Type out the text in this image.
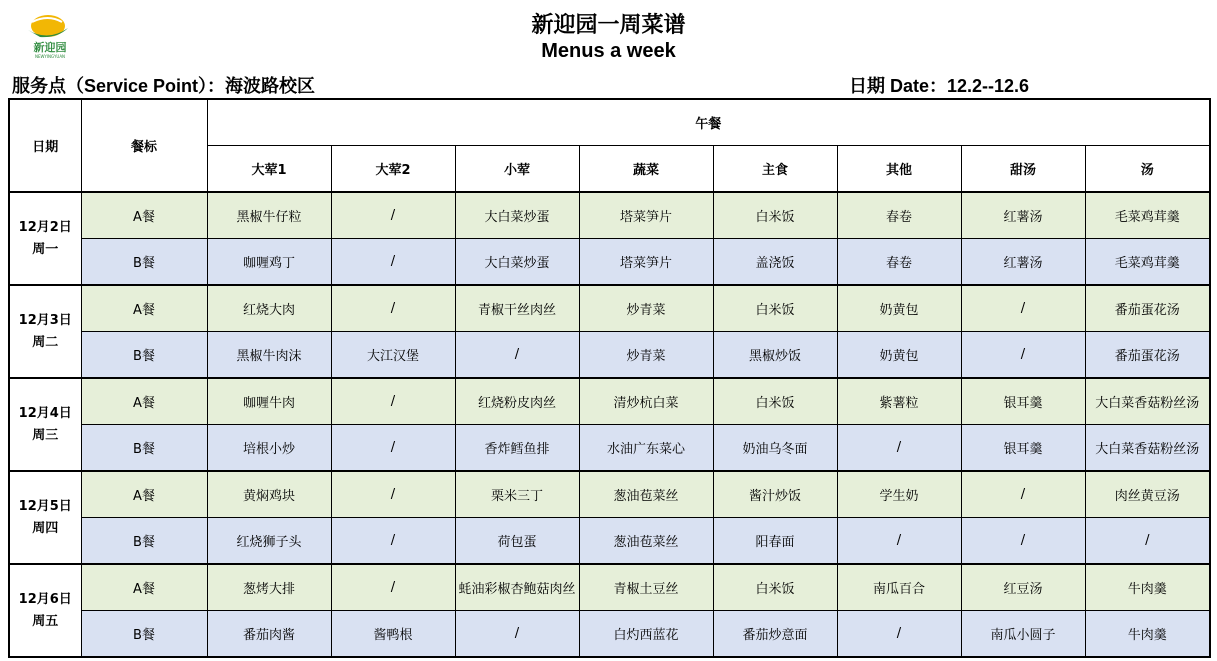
新迎园
NEWYINGYUAN
新迎园一周菜谱
Menus a week
服务点（Service Point）：海波路校区	日期 Date：12.2--12.6
日期	餐标	午餐							
		大荤1	大荤2	小荤	蔬菜	主食	其他	甜汤	汤

12月2日
周一	A餐	黑椒牛仔粒	/	大白菜炒蛋	塔菜笋片	白米饭	春卷	红薯汤	毛菜鸡茸羹
	B餐	咖喱鸡丁	/	大白菜炒蛋	塔菜笋片	盖浇饭	春卷	红薯汤	毛菜鸡茸羹

12月3日
周二	A餐	红烧大肉	/	青椒干丝肉丝	炒青菜	白米饭	奶黄包	/	番茄蛋花汤
	B餐	黑椒牛肉沫	大江汉堡	/	炒青菜	黑椒炒饭	奶黄包	/	番茄蛋花汤

12月4日
周三	A餐	咖喱牛肉	/	红烧粉皮肉丝	清炒杭白菜	白米饭	紫薯粒	银耳羹	大白菜香菇粉丝汤
	B餐	培根小炒	/	香炸鳕鱼排	水油广东菜心	奶油乌冬面	/	银耳羹	大白菜香菇粉丝汤

12月5日
周四	A餐	黄焖鸡块	/	栗米三丁	葱油苞菜丝	酱汁炒饭	学生奶	/	肉丝黄豆汤
	B餐	红烧狮子头	/	荷包蛋	葱油苞菜丝	阳春面	/	/	/

12月6日
周五	A餐	葱烤大排	/	蚝油彩椒杏鲍菇肉丝	青椒土豆丝	白米饭	南瓜百合	红豆汤	牛肉羹
	B餐	番茄肉酱	酱鸭根	/	白灼西蓝花	番茄炒意面	/	南瓜小圆子	牛肉羹
